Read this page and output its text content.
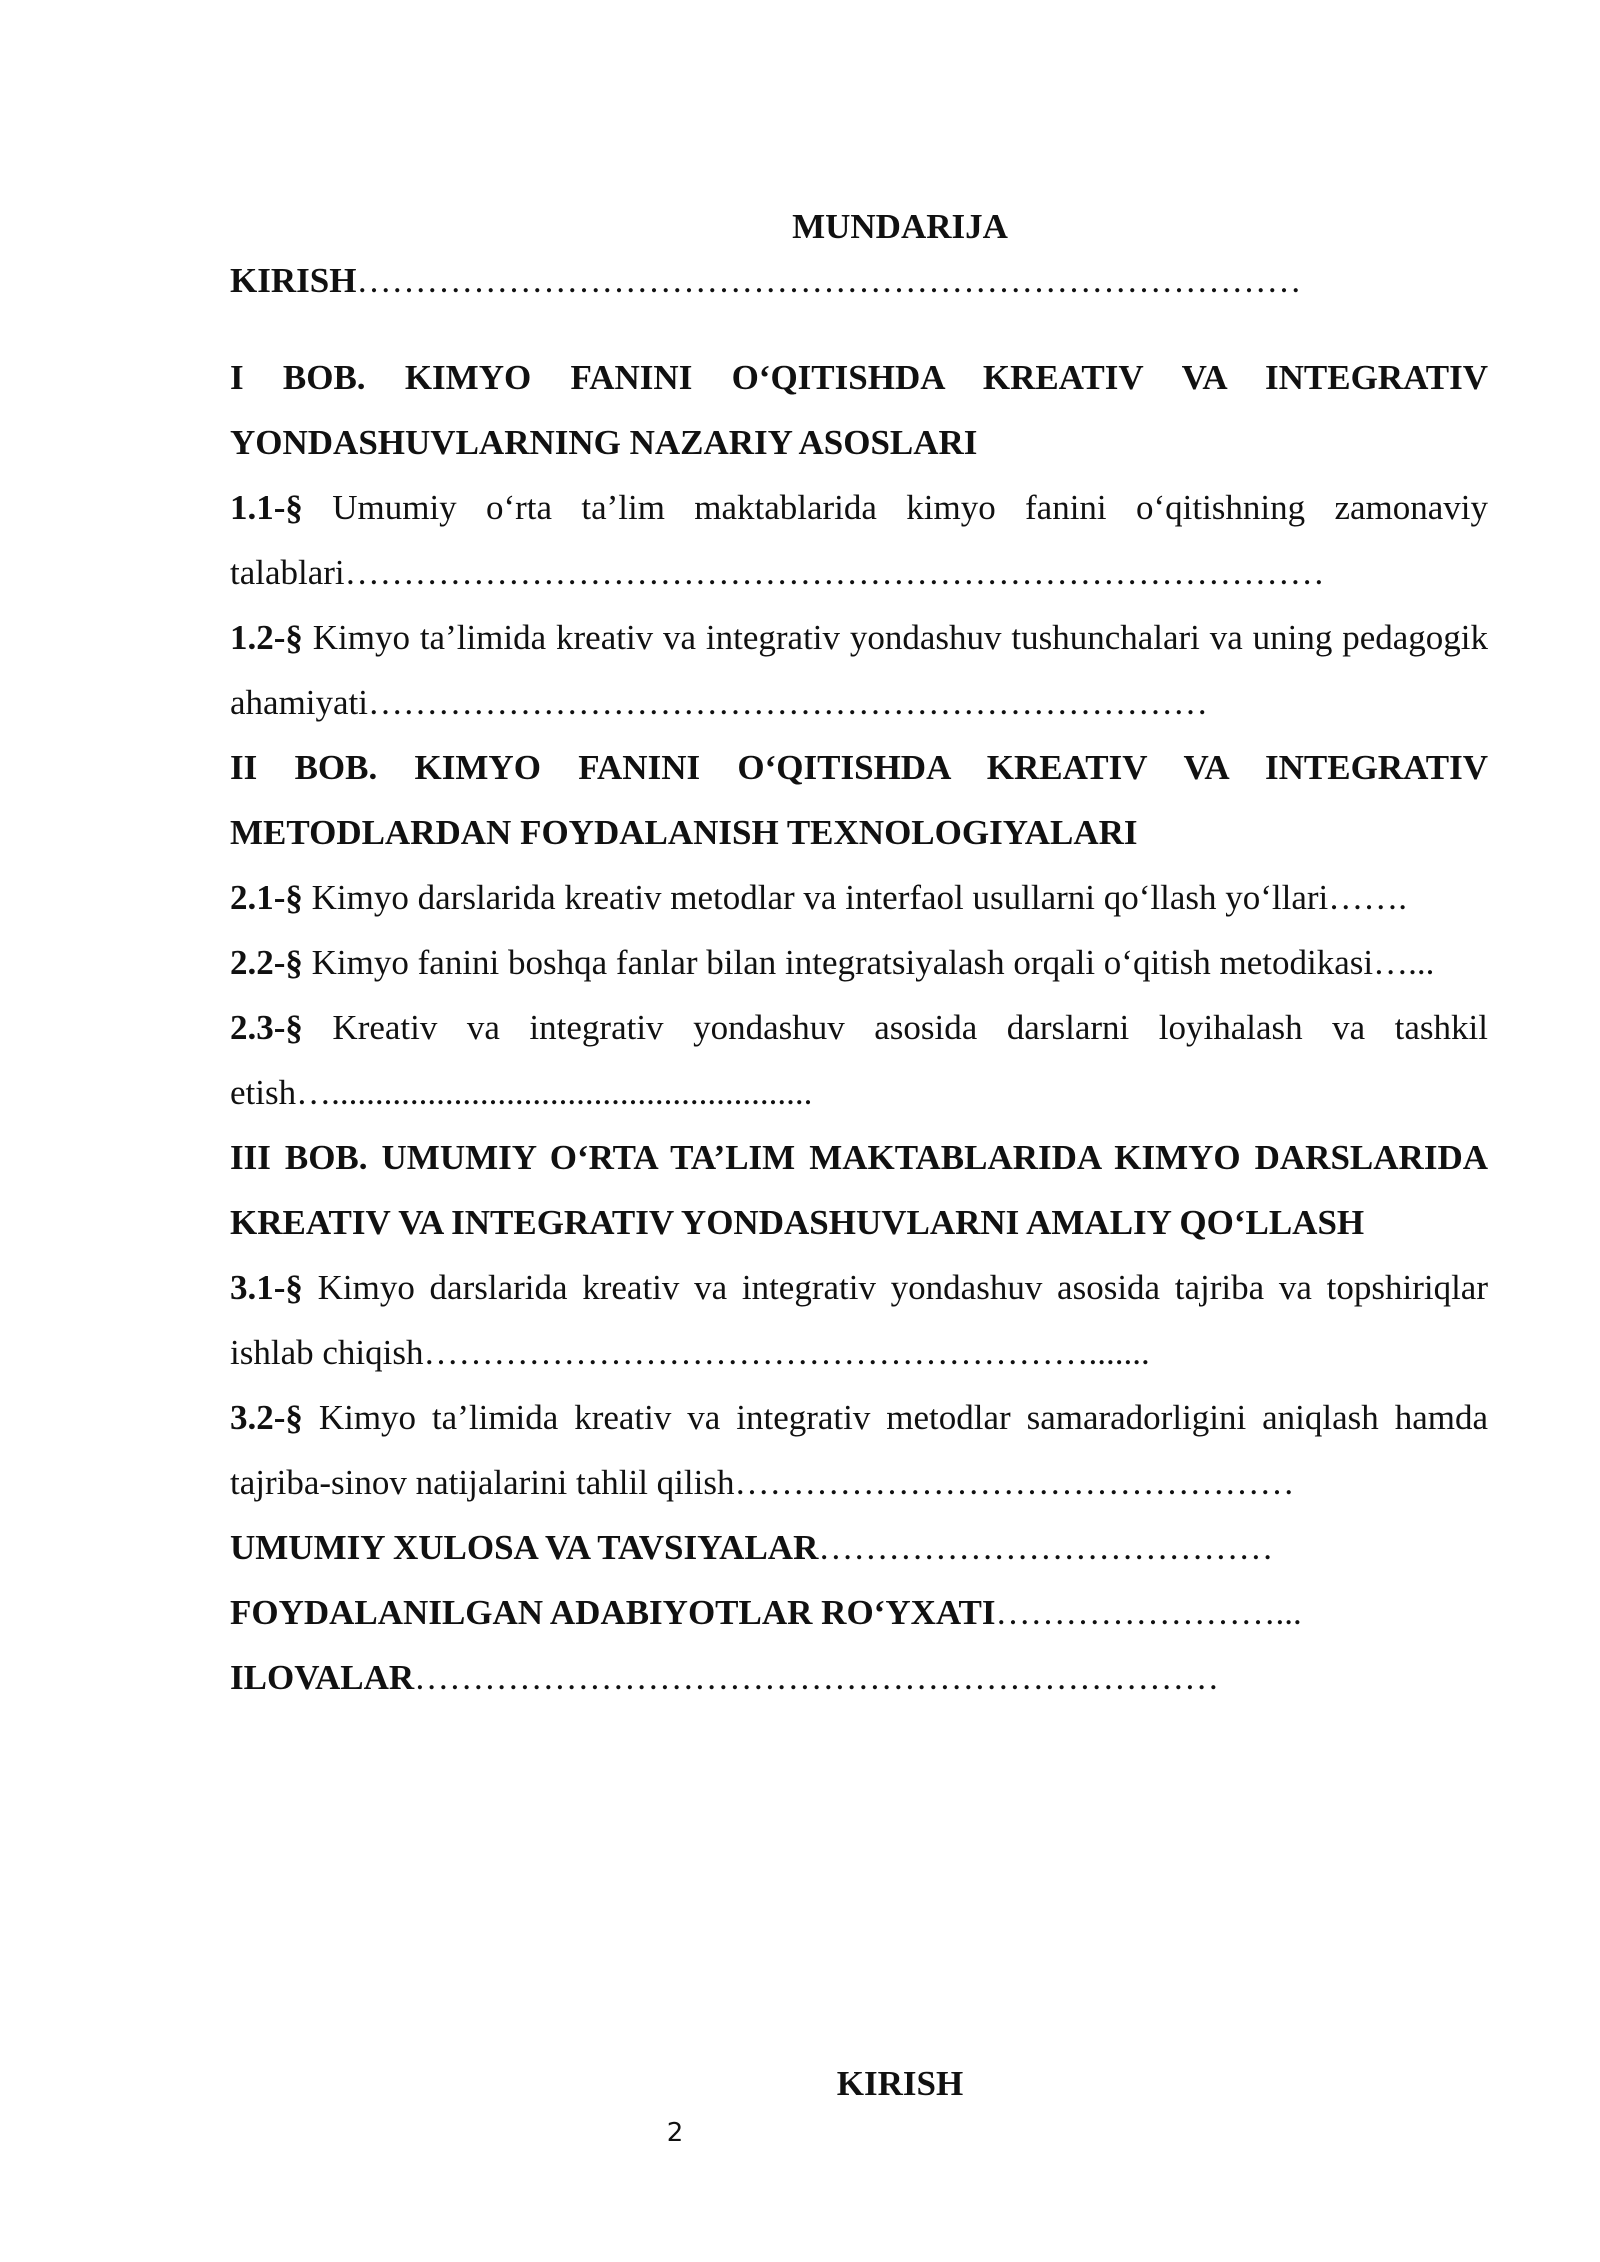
MUNDARIJA
KIRISH………………………………………………………………………
I BOB. KIMYO FANINI O‘QITISHDA KREATIV VA INTEGRATIV YONDASHUVLARNING NAZARIY ASOSLARI
1.1-§ Umumiy o‘rta ta’lim maktablarida kimyo fanini o‘qitishning zamonaviy talablari…………………………………………………………………………
1.2-§ Kimyo ta’limida kreativ va integrativ yondashuv tushunchalari va uning pedagogik ahamiyati………………………………………………………………
II BOB. KIMYO FANINI O‘QITISHDA KREATIV VA INTEGRATIV METODLARDAN FOYDALANISH TEXNOLOGIYALARI
2.1-§ Kimyo darslarida kreativ metodlar va interfaol usullarni qo‘llash yo‘llari…….
2.2-§ Kimyo fanini boshqa fanlar bilan integratsiyalash orqali o‘qitish metodikasi…...
2.3-§ Kreativ va integrativ yondashuv asosida darslarni loyihalash va tashkil etish….......................................................
III BOB. UMUMIY O‘RTA TA’LIM MAKTABLARIDA KIMYO DARSLARIDA KREATIV VA INTEGRATIV YONDASHUVLARNI AMALIY QO‘LLASH
3.1-§ Kimyo darslarida kreativ va integrativ yondashuv asosida tajriba va topshiriqlar ishlab chiqish………………………………………………….......
3.2-§ Kimyo ta’limida kreativ va integrativ metodlar samaradorligini aniqlash hamda tajriba-sinov natijalarini tahlil qilish…………………………………………
UMUMIY XULOSA VA TAVSIYALAR…………………………………
FOYDALANILGAN ADABIYOTLAR RO‘YXATI……………………...
ILOVALAR……………………………………………………………
KIRISH
2
